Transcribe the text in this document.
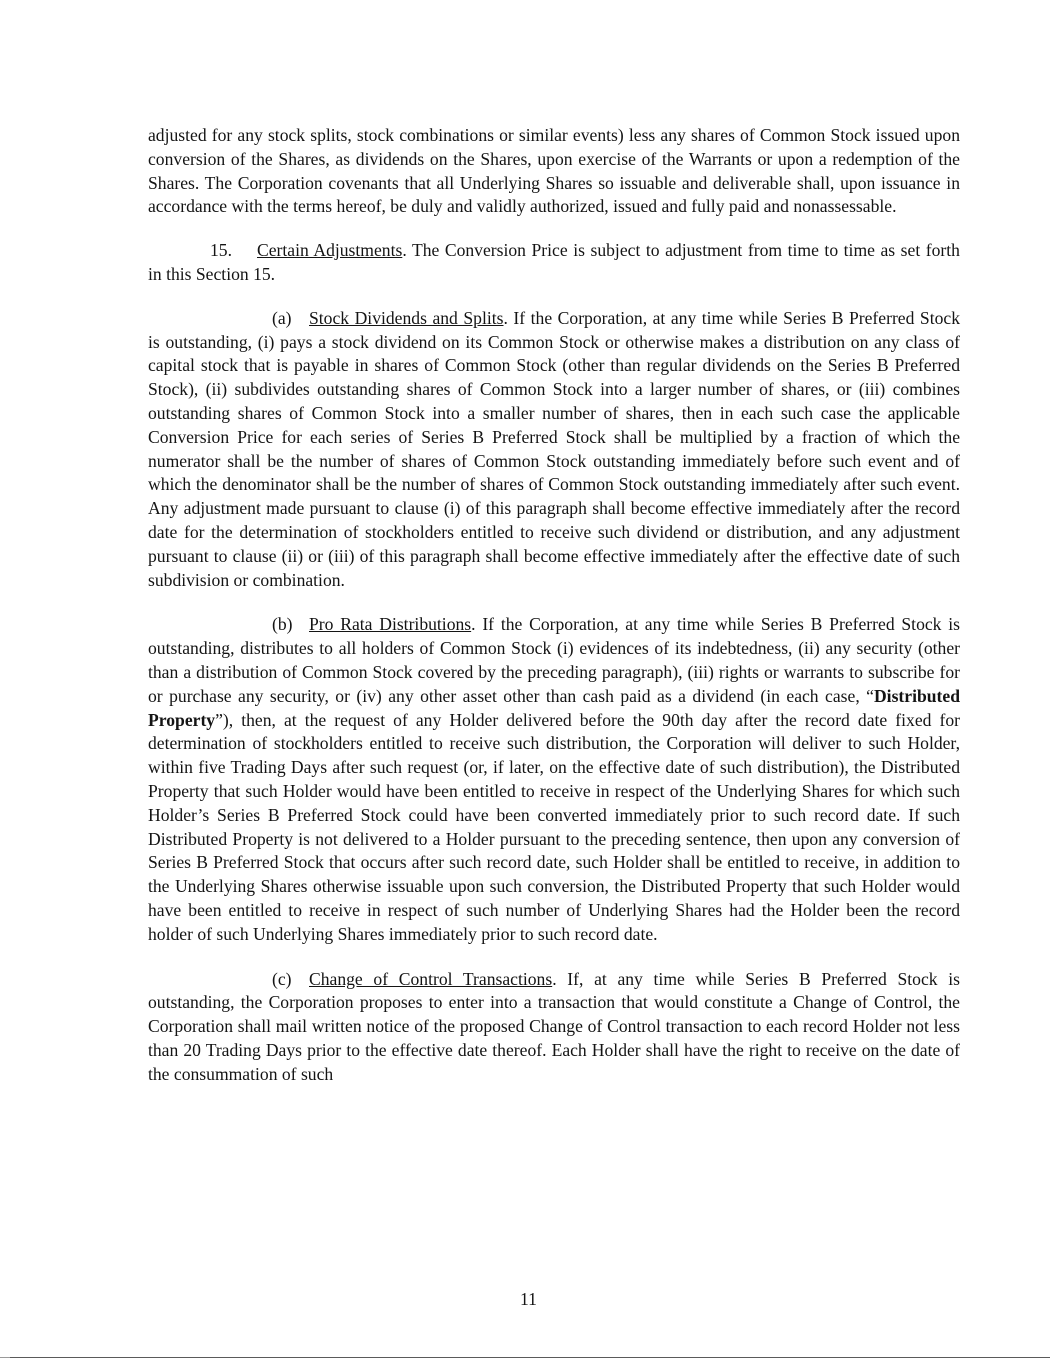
adjusted for any stock splits, stock combinations or similar events) less any shares of Common Stock issued upon conversion of the Shares, as dividends on the Shares, upon exercise of the Warrants or upon a redemption of the Shares. The Corporation covenants that all Underlying Shares so issuable and deliverable shall, upon issuance in accordance with the terms hereof, be duly and validly authorized, issued and fully paid and nonassessable.

15. Certain Adjustments. The Conversion Price is subject to adjustment from time to time as set forth in this Section 15.

(a) Stock Dividends and Splits. If the Corporation, at any time while Series B Preferred Stock is outstanding, (i) pays a stock dividend on its Common Stock or otherwise makes a distribution on any class of capital stock that is payable in shares of Common Stock (other than regular dividends on the Series B Preferred Stock), (ii) subdivides outstanding shares of Common Stock into a larger number of shares, or (iii) combines outstanding shares of Common Stock into a smaller number of shares, then in each such case the applicable Conversion Price for each series of Series B Preferred Stock shall be multiplied by a fraction of which the numerator shall be the number of shares of Common Stock outstanding immediately before such event and of which the denominator shall be the number of shares of Common Stock outstanding immediately after such event. Any adjustment made pursuant to clause (i) of this paragraph shall become effective immediately after the record date for the determination of stockholders entitled to receive such dividend or distribution, and any adjustment pursuant to clause (ii) or (iii) of this paragraph shall become effective immediately after the effective date of such subdivision or combination.

(b) Pro Rata Distributions. If the Corporation, at any time while Series B Preferred Stock is outstanding, distributes to all holders of Common Stock (i) evidences of its indebtedness, (ii) any security (other than a distribution of Common Stock covered by the preceding paragraph), (iii) rights or warrants to subscribe for or purchase any security, or (iv) any other asset other than cash paid as a dividend (in each case, “Distributed Property”), then, at the request of any Holder delivered before the 90th day after the record date fixed for determination of stockholders entitled to receive such distribution, the Corporation will deliver to such Holder, within five Trading Days after such request (or, if later, on the effective date of such distribution), the Distributed Property that such Holder would have been entitled to receive in respect of the Underlying Shares for which such Holder’s Series B Preferred Stock could have been converted immediately prior to such record date. If such Distributed Property is not delivered to a Holder pursuant to the preceding sentence, then upon any conversion of Series B Preferred Stock that occurs after such record date, such Holder shall be entitled to receive, in addition to the Underlying Shares otherwise issuable upon such conversion, the Distributed Property that such Holder would have been entitled to receive in respect of such number of Underlying Shares had the Holder been the record holder of such Underlying Shares immediately prior to such record date.

(c) Change of Control Transactions. If, at any time while Series B Preferred Stock is outstanding, the Corporation proposes to enter into a transaction that would constitute a Change of Control, the Corporation shall mail written notice of the proposed Change of Control transaction to each record Holder not less than 20 Trading Days prior to the effective date thereof. Each Holder shall have the right to receive on the date of the consummation of such

11
